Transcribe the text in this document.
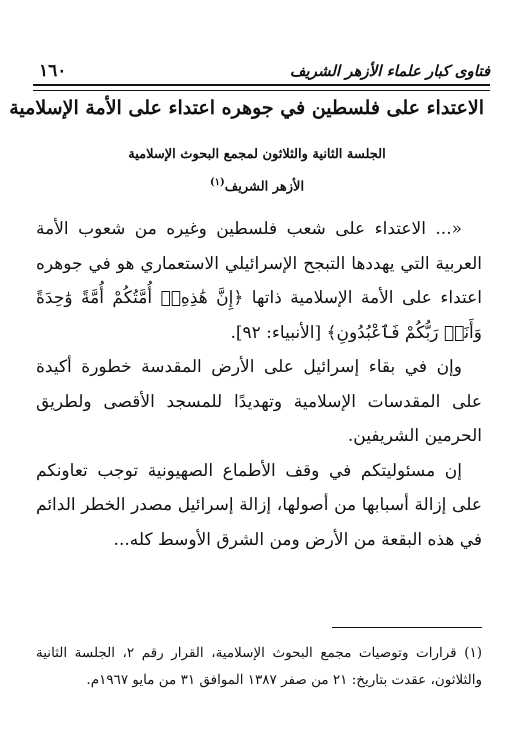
فتاوى كبار علماء الأزهر الشريف
١٦٠
الاعتداء على فلسطين في جوهره اعتداء على الأمة الإسلامية
الجلسة الثانية والثلاثون لمجمع البحوث الإسلامية
الأزهر الشريف$^{(١)}$

«... الاعتداء على شعب فلسطين وغيره من شعوب الأمة العربية التي يهددها التبجح الإسرائيلي الاستعماري هو في جوهره اعتداء على الأمة الإسلامية ذاتها ﴿إِنَّ هَٰذِهِۦٓ أُمَّتُكُمْ أُمَّةً وَٰحِدَةً وَأَنَا۠ رَبُّكُمْ فَٱعْبُدُونِ﴾ [الأنبياء: ٩٢].

وإن في بقاء إسرائيل على الأرض المقدسة خطورة أكيدة على المقدسات الإسلامية وتهديدًا للمسجد الأقصى ولطريق الحرمين الشريفين.

إن مسئوليتكم في وقف الأطماع الصهيونية توجب تعاونكم على إزالة أسبابها من أصولها، إزالة إسرائيل مصدر الخطر الدائم في هذه البقعة من الأرض ومن الشرق الأوسط كله...

(١) قرارات وتوصيات مجمع البحوث الإسلامية، القرار رقم ٢، الجلسة الثانية والثلاثون، عقدت بتاريخ: ٢١ من صفر ١٣٨٧ الموافق ٣١ من مايو ١٩٦٧م.
